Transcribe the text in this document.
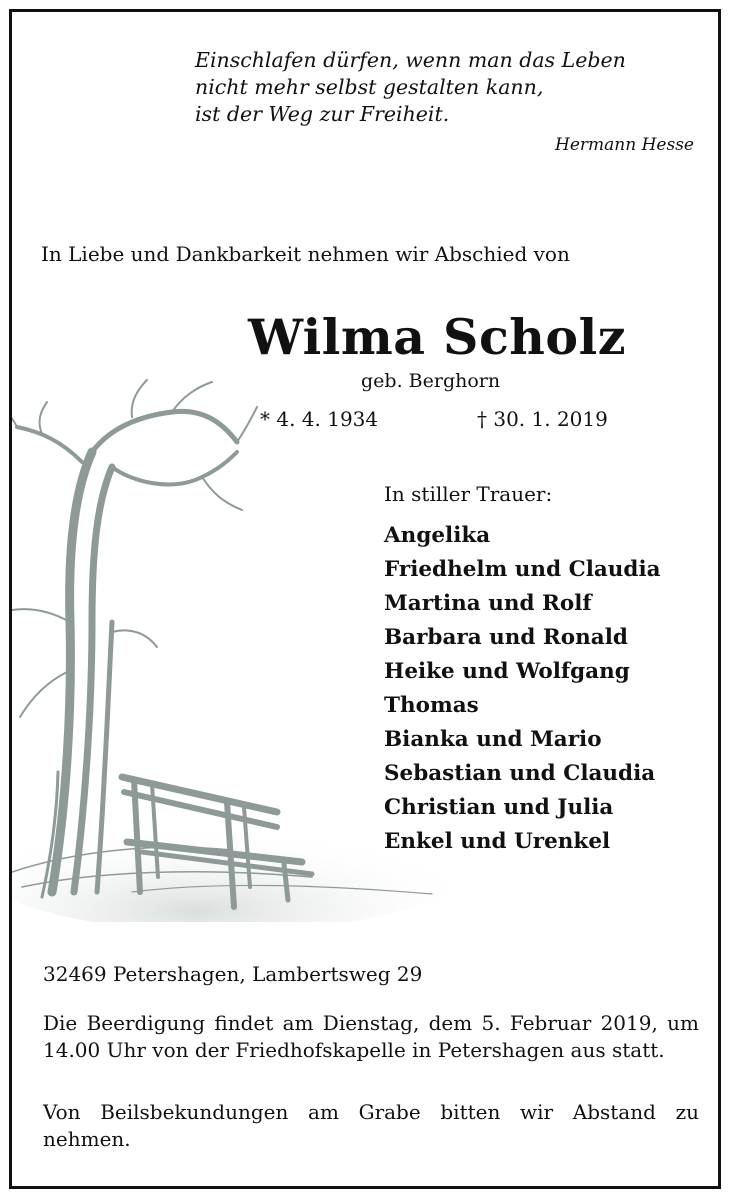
Einschlafen dürfen, wenn man das Leben
nicht mehr selbst gestalten kann,
ist der Weg zur Freiheit.
Hermann Hesse
In Liebe und Dankbarkeit nehmen wir Abschied von
Wilma Scholz
geb. Berghorn
* 4. 4. 1934	† 30. 1. 2019
In stiller Trauer:
Angelika
Friedhelm und Claudia
Martina und Rolf
Barbara und Ronald
Heike und Wolfgang
Thomas
Bianka und Mario
Sebastian und Claudia
Christian und Julia
Enkel und Urenkel
32469 Petershagen, Lambertsweg 29
Die Beerdigung findet am Dienstag, dem 5. Februar 2019, um 14.00 Uhr von der Friedhofskapelle in Petershagen aus statt.
Von Beilsbekundungen am Grabe bitten wir Abstand zu nehmen.
